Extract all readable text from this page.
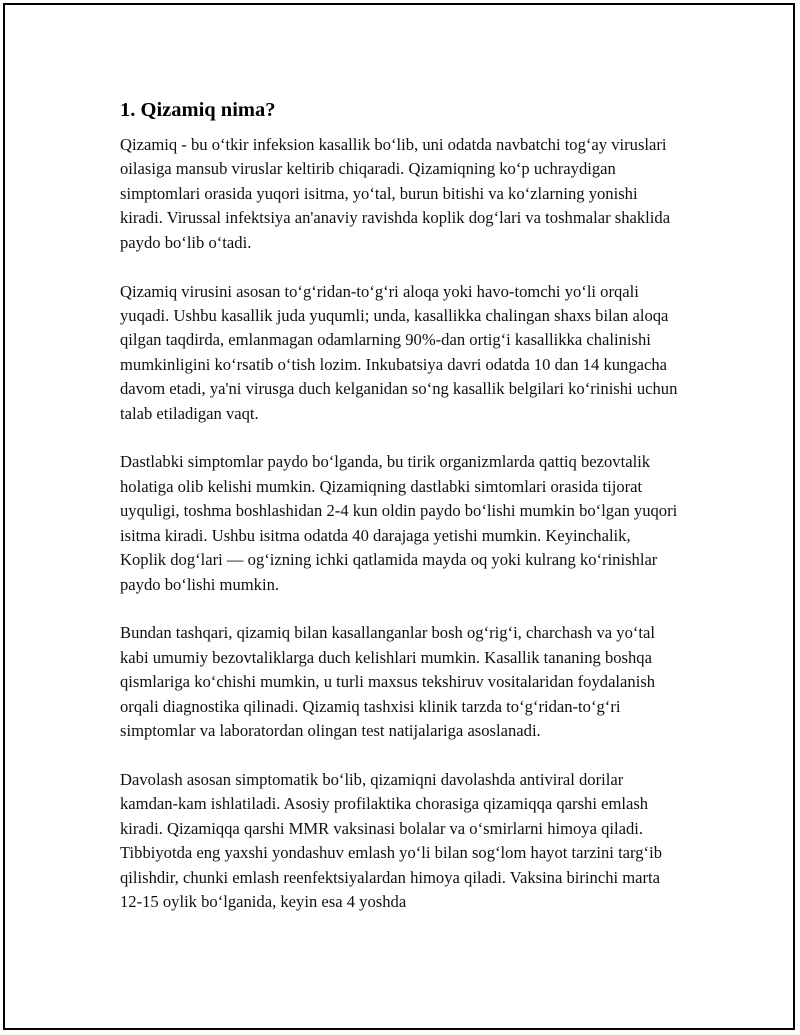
1. Qizamiq nima?

Qizamiq - bu oʻtkir infeksion kasallik boʻlib, uni odatda navbatchi togʻay viruslari oilasiga mansub viruslar keltirib chiqaradi. Qizamiqning koʻp uchraydigan simptomlari orasida yuqori isitma, yoʻtal, burun bitishi va koʻzlarning yonishi kiradi. Virussal infektsiya an'anaviy ravishda koplik dogʻlari va toshmalar shaklida paydo boʻlib oʻtadi.

Qizamiq virusini asosan toʻgʻridan-toʻgʻri aloqa yoki havo-tomchi yoʻli orqali yuqadi. Ushbu kasallik juda yuqumli; unda, kasallikka chalingan shaxs bilan aloqa qilgan taqdirda, emlanmagan odamlarning 90%-dan ortigʻi kasallikka chalinishi mumkinligini koʻrsatib oʻtish lozim. Inkubatsiya davri odatda 10 dan 14 kungacha davom etadi, ya'ni virusga duch kelganidan soʻng kasallik belgilari koʻrinishi uchun talab etiladigan vaqt.

Dastlabki simptomlar paydo boʻlganda, bu tirik organizmlarda qattiq bezovtalik holatiga olib kelishi mumkin. Qizamiqning dastlabki simtomlari orasida tijorat uyquligi, toshma boshlashidan 2-4 kun oldin paydo boʻlishi mumkin boʻlgan yuqori isitma kiradi. Ushbu isitma odatda 40 darajaga yetishi mumkin. Keyinchalik, Koplik dogʻlari — ogʻizning ichki qatlamida mayda oq yoki kulrang koʻrinishlar paydo boʻlishi mumkin.

Bundan tashqari, qizamiq bilan kasallanganlar bosh ogʻrigʻi, charchash va yoʻtal kabi umumiy bezovtaliklarga duch kelishlari mumkin. Kasallik tananing boshqa qismlariga koʻchishi mumkin, u turli maxsus tekshiruv vositalaridan foydalanish orqali diagnostika qilinadi. Qizamiq tashxisi klinik tarzda toʻgʻridan-toʻgʻri simptomlar va laboratordan olingan test natijalariga asoslanadi.

Davolash asosan simptomatik boʻlib, qizamiqni davolashda antiviral dorilar kamdan-kam ishlatiladi. Asosiy profilaktika chorasiga qizamiqqa qarshi emlash kiradi. Qizamiqqa qarshi MMR vaksinasi bolalar va oʻsmirlarni himoya qiladi. Tibbiyotda eng yaxshi yondashuv emlash yoʻli bilan sogʻlom hayot tarzini targʻib qilishdir, chunki emlash reenfektsiyalardan himoya qiladi. Vaksina birinchi marta 12-15 oylik boʻlganida, keyin esa 4 yoshda
